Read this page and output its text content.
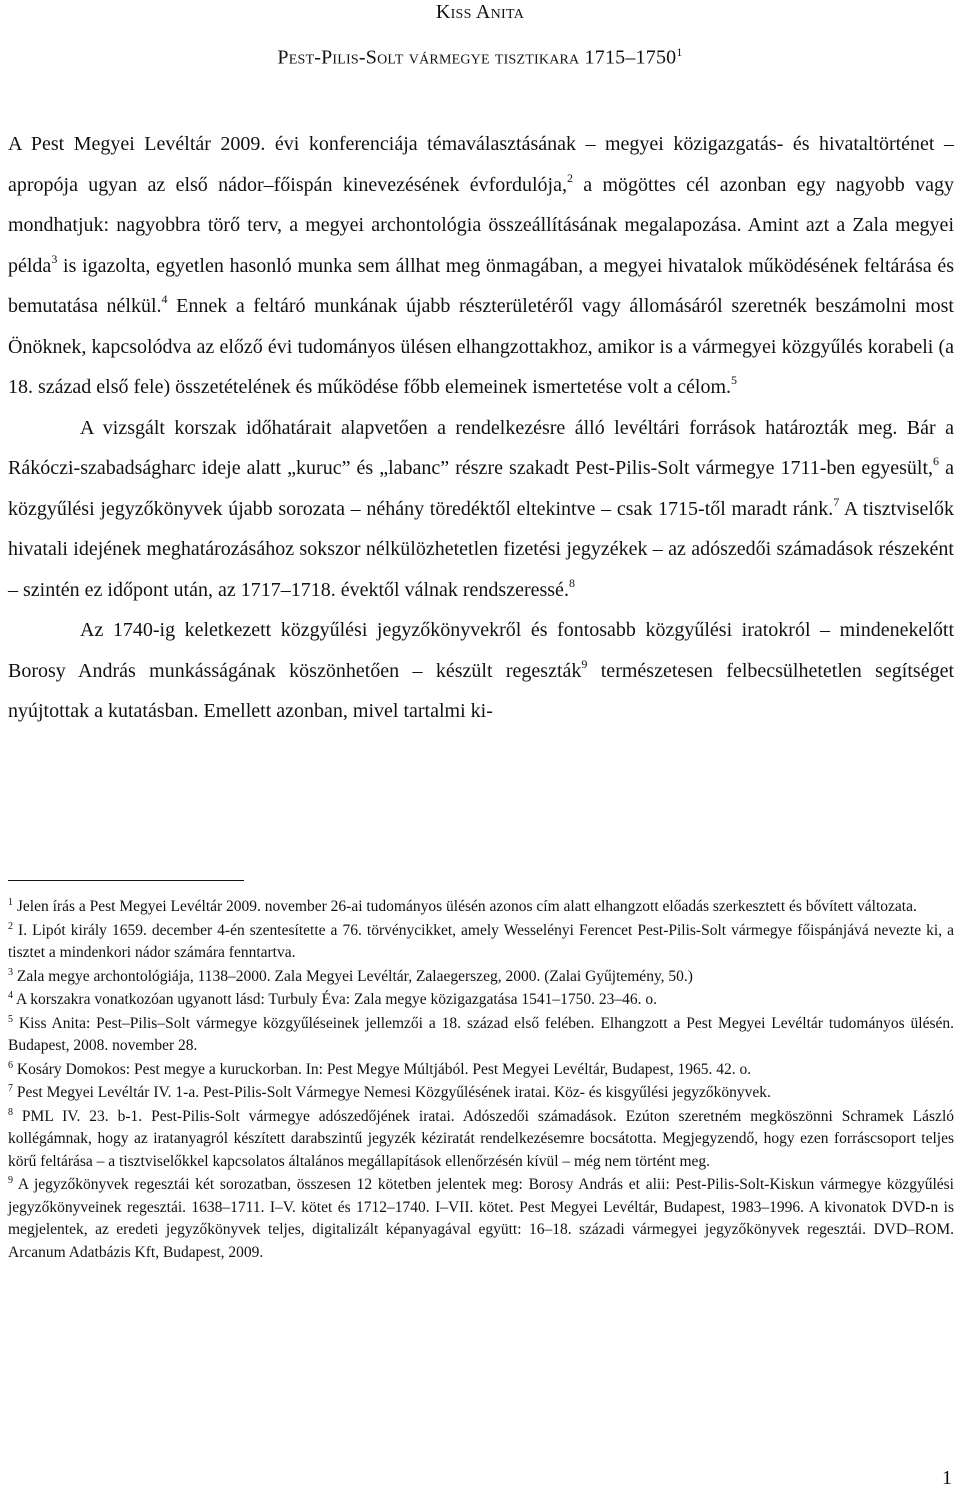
Kiss Anita
Pest-Pilis-Solt vármegye tisztikara 1715–1750$^1$

A Pest Megyei Levéltár 2009. évi konferenciája témaválasztásának – megyei közigazgatás- és hivataltörténet – apropója ugyan az első nádor–főispán kinevezésének évfordulója,$^2$ a mögöttes cél azonban egy nagyobb vagy mondhatjuk: nagyobbra törő terv, a megyei archontológia összeállításának megalapozása. Amint azt a Zala megyei példa$^3$ is igazolta, egyetlen hasonló munka sem állhat meg önmagában, a megyei hivatalok működésének feltárása és bemutatása nélkül.$^4$ Ennek a feltáró munkának újabb részterületéről vagy állomásáról szeretnék beszámolni most Önöknek, kapcsolódva az előző évi tudományos ülésen elhangzottakhoz, amikor is a vármegyei közgyűlés korabeli (a 18. század első fele) összetételének és működése főbb elemeinek ismertetése volt a célom.$^5$

A vizsgált korszak időhatárait alapvetően a rendelkezésre álló levéltári források határozták meg. Bár a Rákóczi-szabadságharc ideje alatt „kuruc” és „labanc” részre szakadt Pest-Pilis-Solt vármegye 1711-ben egyesült,$^6$ a közgyűlési jegyzőkönyvek újabb sorozata – néhány töredéktől eltekintve – csak 1715-től maradt ránk.$^7$ A tisztviselők hivatali idejének meghatározásához sokszor nélkülözhetetlen fizetési jegyzékek – az adószedői számadások részeként – szintén ez időpont után, az 1717–1718. évektől válnak rendszeressé.$^8$

Az 1740-ig keletkezett közgyűlési jegyzőkönyvekről és fontosabb közgyűlési iratokról – mindenekelőtt Borosy András munkásságának köszönhetően – készült regeszták$^9$ természetesen felbecsülhetetlen segítséget nyújtottak a kutatásban. Emellett azonban, mivel tartalmi ki-

$^1$ Jelen írás a Pest Megyei Levéltár 2009. november 26-ai tudományos ülésén azonos cím alatt elhangzott előadás szerkesztett és bővített változata.

$^2$ I. Lipót király 1659. december 4-én szentesítette a 76. törvénycikket, amely Wesselényi Ferencet Pest-Pilis-Solt vármegye főispánjává nevezte ki, a tisztet a mindenkori nádor számára fenntartva.

$^3$ Zala megye archontológiája, 1138–2000. Zala Megyei Levéltár, Zalaegerszeg, 2000. (Zalai Gyűjtemény, 50.)

$^4$ A korszakra vonatkozóan ugyanott lásd: Turbuly Éva: Zala megye közigazgatása 1541–1750. 23–46. o.

$^5$ Kiss Anita: Pest–Pilis–Solt vármegye közgyűléseinek jellemzői a 18. század első felében. Elhangzott a Pest Megyei Levéltár tudományos ülésén. Budapest, 2008. november 28.

$^6$ Kosáry Domokos: Pest megye a kuruckorban. In: Pest Megye Múltjából. Pest Megyei Levéltár, Budapest, 1965. 42. o.

$^7$ Pest Megyei Levéltár IV. 1-a. Pest-Pilis-Solt Vármegye Nemesi Közgyűlésének iratai. Köz- és kisgyűlési jegyzőkönyvek.

$^8$ PML IV. 23. b-1. Pest-Pilis-Solt vármegye adószedőjének iratai. Adószedői számadások. Ezúton szeretném megköszönni Schramek László kollégámnak, hogy az iratanyagról készített darabszintű jegyzék kéziratát rendelkezésemre bocsátotta. Megjegyzendő, hogy ezen forráscsoport teljes körű feltárása – a tisztviselőkkel kapcsolatos általános megállapítások ellenőrzésén kívül – még nem történt meg.

$^9$ A jegyzőkönyvek regesztái két sorozatban, összesen 12 kötetben jelentek meg: Borosy András et alii: Pest-Pilis-Solt-Kiskun vármegye közgyűlési jegyzőkönyveinek regesztái. 1638–1711. I–V. kötet és 1712–1740. I–VII. kötet. Pest Megyei Levéltár, Budapest, 1983–1996. A kivonatok DVD-n is megjelentek, az eredeti jegyzőkönyvek teljes, digitalizált képanyagával együtt: 16–18. századi vármegyei jegyzőkönyvek regesztái. DVD–ROM. Arcanum Adatbázis Kft, Budapest, 2009.

1
